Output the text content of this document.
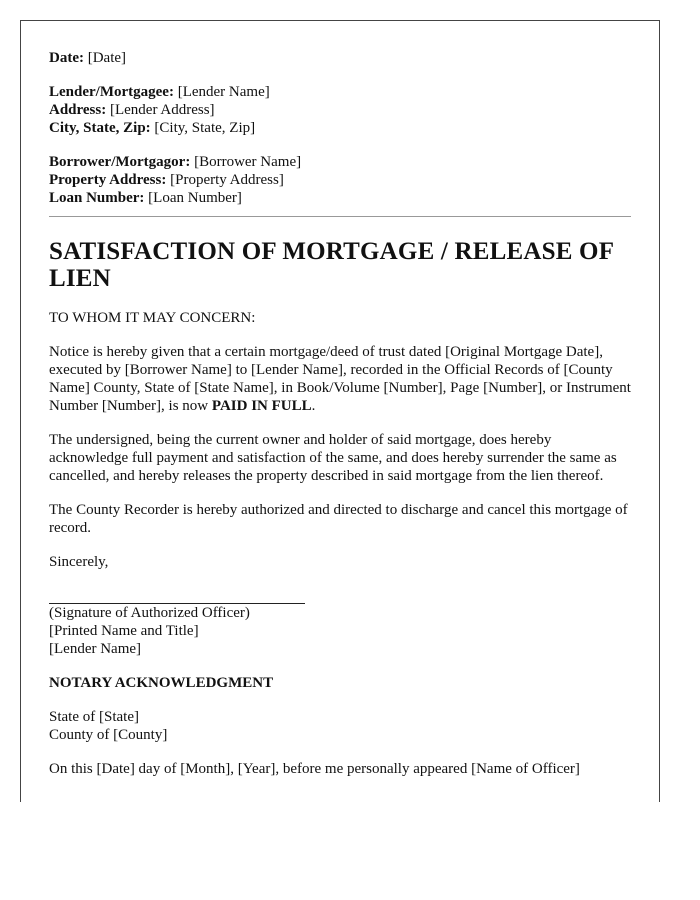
Date: [Date]
Lender/Mortgagee: [Lender Name]
Address: [Lender Address]
City, State, Zip: [City, State, Zip]
Borrower/Mortgagor: [Borrower Name]
Property Address: [Property Address]
Loan Number: [Loan Number]
SATISFACTION OF MORTGAGE / RELEASE OF LIEN

TO WHOM IT MAY CONCERN:

Notice is hereby given that a certain mortgage/deed of trust dated [Original Mortgage Date], executed by [Borrower Name] to [Lender Name], recorded in the Official Records of [County Name] County, State of [State Name], in Book/Volume [Number], Page [Number], or Instrument Number [Number], is now PAID IN FULL.

The undersigned, being the current owner and holder of said mortgage, does hereby acknowledge full payment and satisfaction of the same, and does hereby surrender the same as cancelled, and hereby releases the property described in said mortgage from the lien thereof.

The County Recorder is hereby authorized and directed to discharge and cancel this mortgage of record.

Sincerely,

(Signature of Authorized Officer)
[Printed Name and Title]
[Lender Name]
NOTARY ACKNOWLEDGMENT
State of [State]
County of [County]

On this [Date] day of [Month], [Year], before me personally appeared [Name of Officer]
